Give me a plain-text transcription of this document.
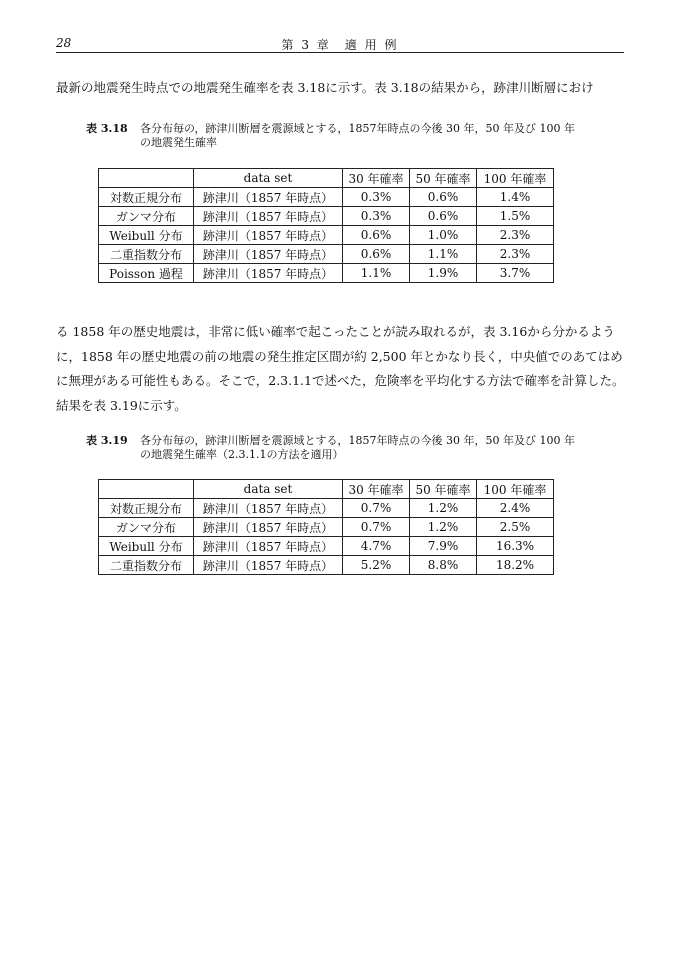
28	第 3 章　適 用 例

最新の地震発生時点での地震発生確率を表 3.18に示す。表 3.18の結果から，跡津川断層におけ

表 3.18 各分布毎の，跡津川断層を震源域とする，1857年時点の今後 30 年，50 年及び 100 年の地震発生確率
	data set	30 年確率	50 年確率	100 年確率
対数正規分布	跡津川（1857 年時点）	0.3%	0.6%	1.4%
ガンマ分布	跡津川（1857 年時点）	0.3%	0.6%	1.5%
Weibull 分布	跡津川（1857 年時点）	0.6%	1.0%	2.3%
二重指数分布	跡津川（1857 年時点）	0.6%	1.1%	2.3%
Poisson 過程	跡津川（1857 年時点）	1.1%	1.9%	3.7%

る 1858 年の歴史地震は，非常に低い確率で起こったことが読み取れるが，表 3.16から分かるように，1858 年の歴史地震の前の地震の発生推定区間が約 2,500 年とかなり長く，中央値でのあてはめに無理がある可能性もある。そこで，2.3.1.1で述べた，危険率を平均化する方法で確率を計算した。結果を表 3.19に示す。

表 3.19 各分布毎の，跡津川断層を震源域とする，1857年時点の今後 30 年，50 年及び 100 年の地震発生確率（2.3.1.1の方法を適用）
	data set	30 年確率	50 年確率	100 年確率
対数正規分布	跡津川（1857 年時点）	0.7%	1.2%	2.4%
ガンマ分布	跡津川（1857 年時点）	0.7%	1.2%	2.5%
Weibull 分布	跡津川（1857 年時点）	4.7%	7.9%	16.3%
二重指数分布	跡津川（1857 年時点）	5.2%	8.8%	18.2%
